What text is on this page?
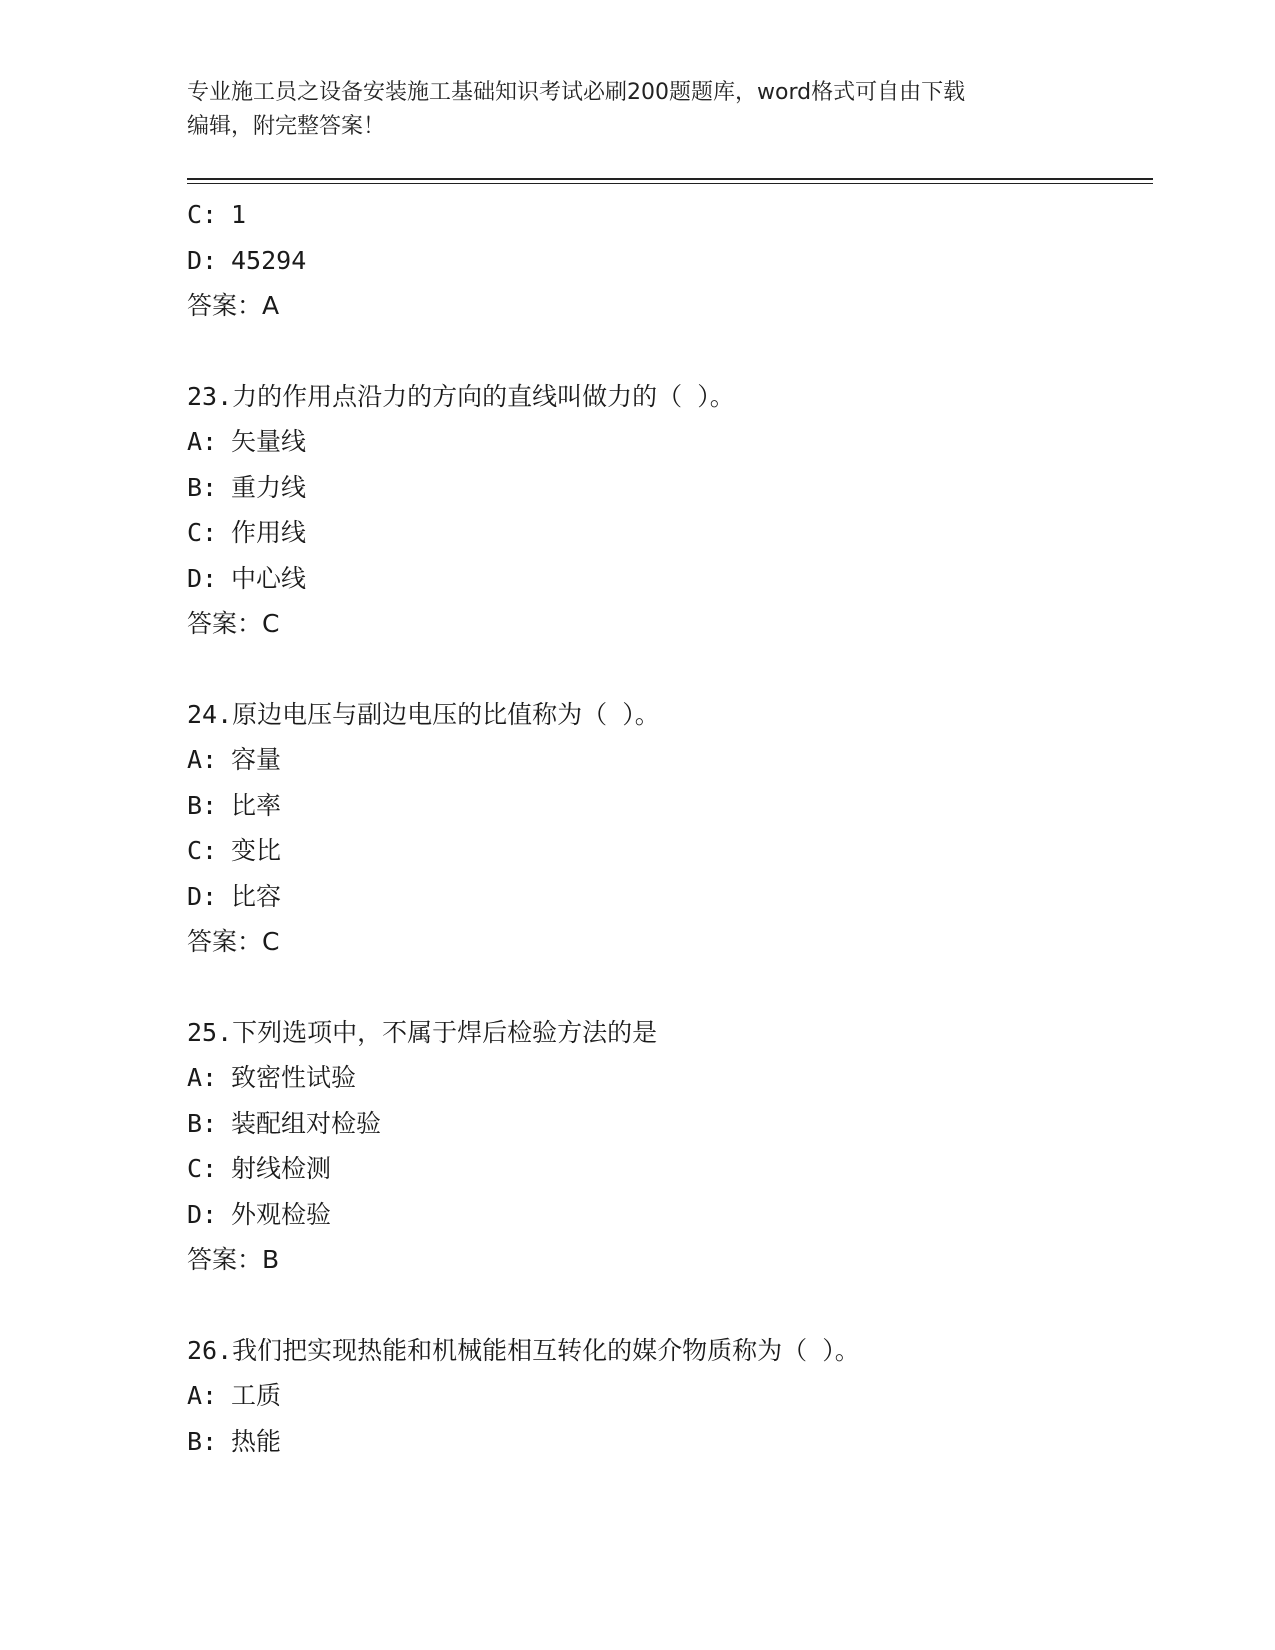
专业施工员之设备安装施工基础知识考试必刷200题题库，word格式可自由下载
编辑，附完整答案！
C: 1
D: 45294
答案：A
23.力的作用点沿力的方向的直线叫做力的（ ）。
A: 矢量线
B: 重力线
C: 作用线
D: 中心线
答案：C
24.原边电压与副边电压的比值称为（ ）。
A: 容量
B: 比率
C: 变比
D: 比容
答案：C
25.下列选项中，不属于焊后检验方法的是
A: 致密性试验
B: 装配组对检验
C: 射线检测
D: 外观检验
答案：B
26.我们把实现热能和机械能相互转化的媒介物质称为（ ）。
A: 工质
B: 热能
